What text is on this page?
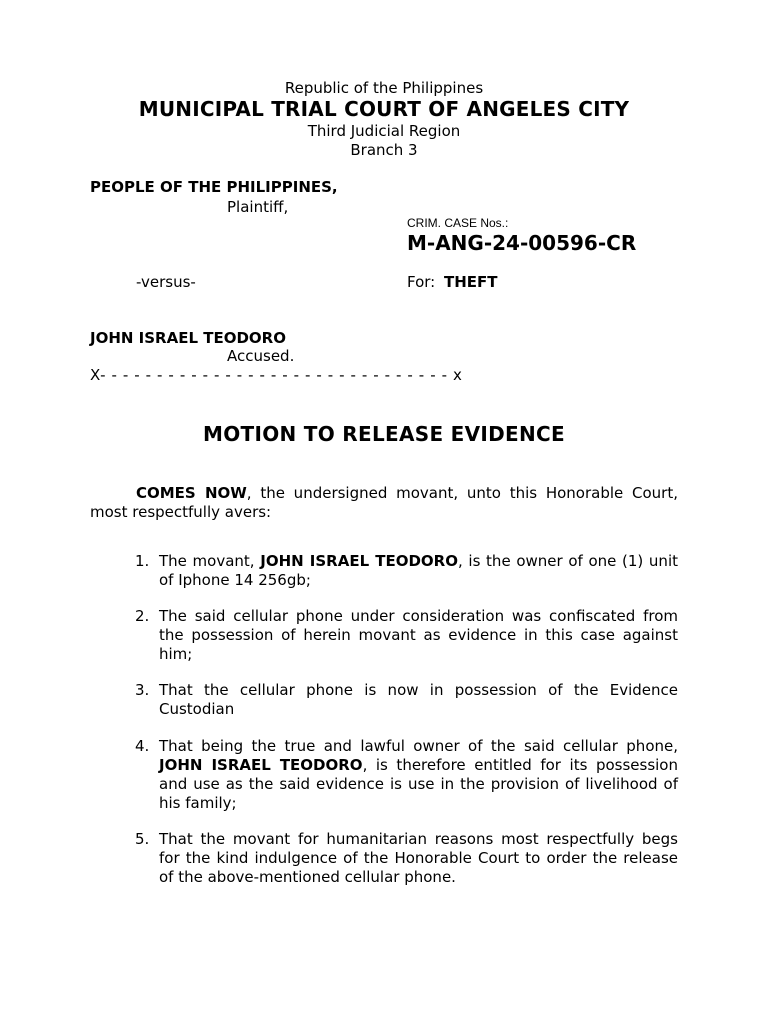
Republic of the Philippines
MUNICIPAL TRIAL COURT OF ANGELES CITY
Third Judicial Region
Branch 3
PEOPLE OF THE PHILIPPINES,
Plaintiff,
CRIM. CASE Nos.:
M-ANG-24-00596-CR
-versus-	For: THEFT
JOHN ISRAEL TEODORO
Accused.
X- - - - - - - - - - - - - - - - - - - - - - - - - - - - - - - x
MOTION TO RELEASE EVIDENCE
COMES NOW, the undersigned movant, unto this Honorable Court, most respectfully avers:
1. The movant, JOHN ISRAEL TEODORO, is the owner of one (1) unit of Iphone 14 256gb;
2. The said cellular phone under consideration was confiscated from the possession of herein movant as evidence in this case against him;
3. That the cellular phone is now in possession of the Evidence Custodian
4. That being the true and lawful owner of the said cellular phone, JOHN ISRAEL TEODORO, is therefore entitled for its possession and use as the said evidence is use in the provision of livelihood of his family;
5. That the movant for humanitarian reasons most respectfully begs for the kind indulgence of the Honorable Court to order the release of the above-mentioned cellular phone.
